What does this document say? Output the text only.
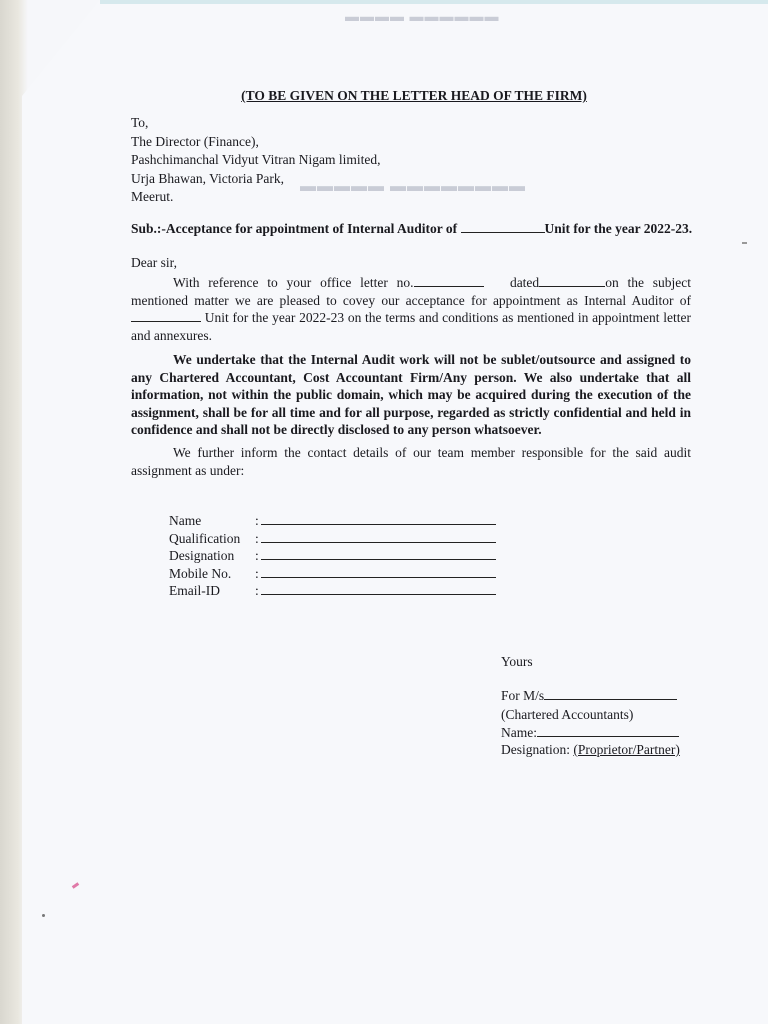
▬▬▬▬ ▬▬▬▬▬▬
▬▬▬▬▬ ▬▬▬▬▬▬▬▬
(TO BE GIVEN ON THE LETTER HEAD OF THE FIRM)
To,
The Director (Finance),
Pashchimanchal Vidyut Vitran Nigam limited,
Urja Bhawan, Victoria Park,
Meerut.
Sub.:-Acceptance for appointment of Internal Auditor of	Unit for the year 2022-23.
Dear sir,
With reference to your office letter no.	dated	on the subject mentioned matter we are pleased to covey our acceptance for appointment as Internal Auditor of  Unit for the year 2022-23 on the terms and conditions as mentioned in appointment letter and annexures.
We undertake that the Internal Audit work will not be sublet/outsource and assigned to any Chartered Accountant, Cost Accountant Firm/Any person. We also undertake that all information, not within the public domain, which may be acquired during the execution of the assignment, shall be for all time and for all purpose, regarded as strictly confidential and held in confidence and shall not be directly disclosed to any person whatsoever.
We further inform the contact details of our team member responsible for the said audit assignment as under:
Name	:
Qualification :
Designation :
Mobile No. :
Email-ID	:
Yours
For M/s
(Chartered Accountants)
Name:
Designation: (Proprietor/Partner)
